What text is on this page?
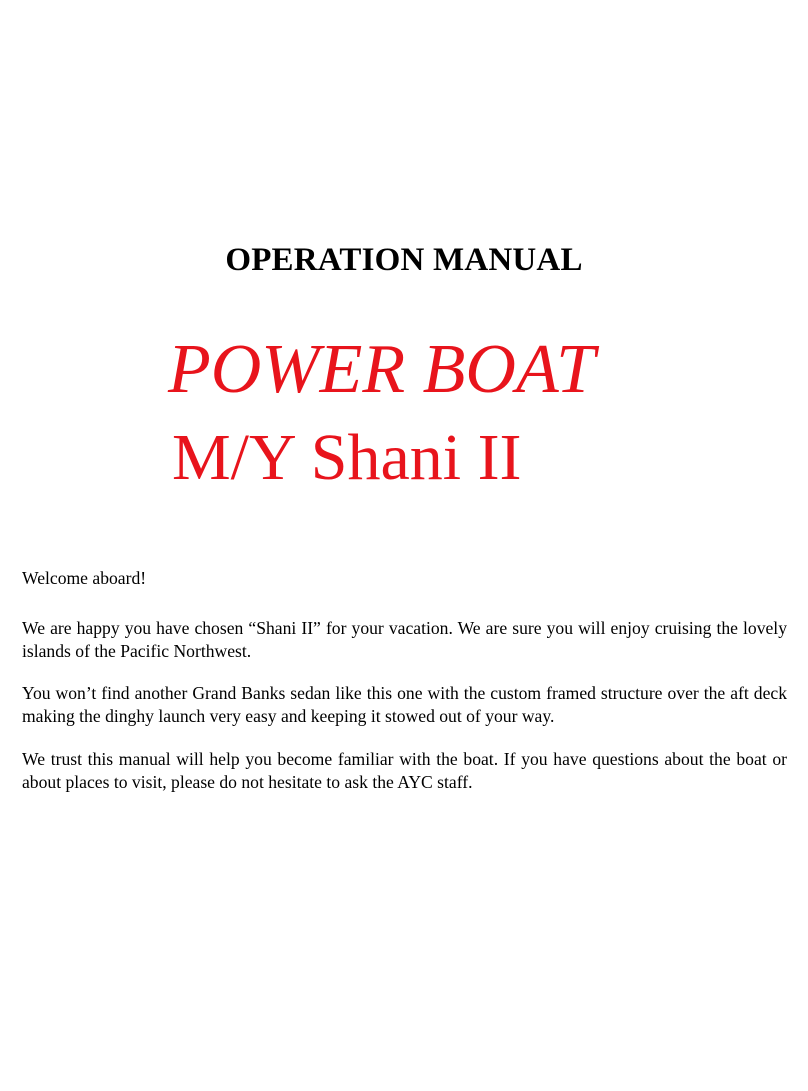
OPERATION MANUAL
POWER BOAT
M/Y Shani II
Welcome aboard!
We are happy you have chosen “Shani II” for your vacation. We are sure you will enjoy cruising the lovely islands of the Pacific Northwest.
You won’t find another Grand Banks sedan like this one with the custom framed structure over the aft deck making the dinghy launch very easy and keeping it stowed out of your way.
We trust this manual will help you become familiar with the boat. If you have questions about the boat or about places to visit, please do not hesitate to ask the AYC staff.
